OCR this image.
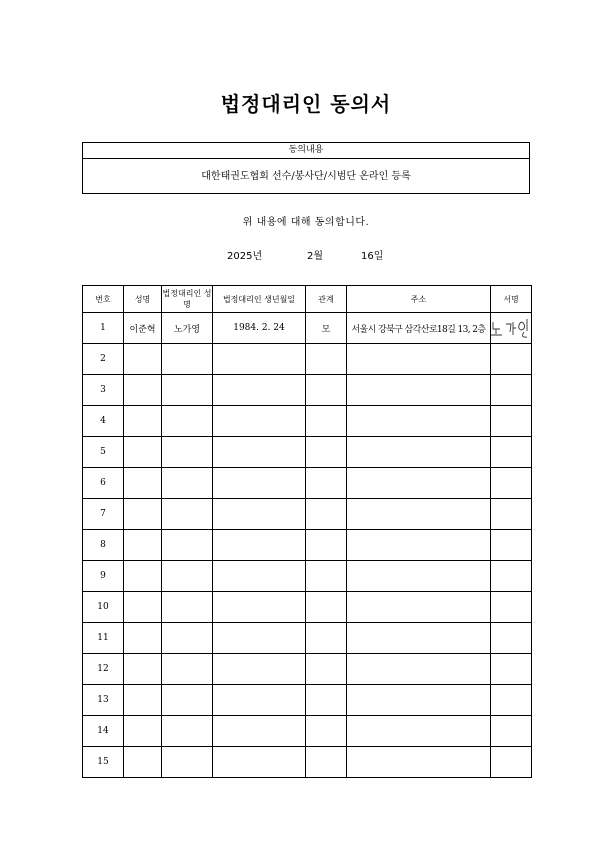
법정대리인 동의서
동의내용
대한태권도협회 선수/봉사단/시범단 온라인 등록
위 내용에 대해 동의합니다.
2025년	2월	16일
번호	성명	법정대리인 성명	법정대리인 생년월일	관계	주소	서명
1	이준혁	노가영	1984. 2. 24	모	서울시 강북구 삼각산로18길 13, 2층	

2						
3						
4						
5						
6						
7						
8						
9						
10						
11						
12						
13						
14						
15						
